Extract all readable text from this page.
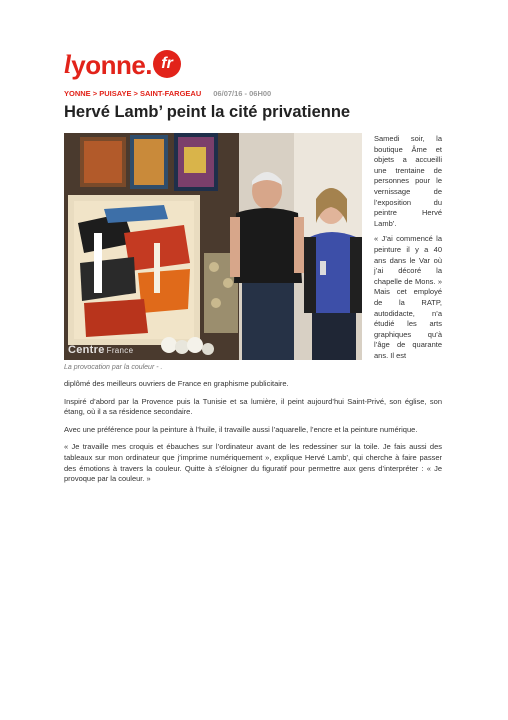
l yonne. fr
YONNE > PUISAYE > SAINT-FARGEAU 06/07/16 - 06H00
Hervé Lamb’ peint la cité privatienne
Centre France
La provocation par la couleur - .

Samedi soir, la boutique Âme et objets a accueilli une trentaine de personnes pour le vernissage de l’exposition du peintre Hervé Lamb’.

« J’ai commencé la peinture il y a 40 ans dans le Var où j’ai décoré la chapelle de Mons. » Mais cet employé de la RATP, autodidacte, n’a étudié les arts graphiques qu’à l’âge de quarante ans. Il est

diplômé des meilleurs ouvriers de France en graphisme publicitaire.

Inspiré d’abord par la Provence puis la Tunisie et sa lumière, il peint aujourd’hui Saint-Privé, son église, son étang, où il a sa résidence secondaire.

Avec une préférence pour la peinture à l’huile, il travaille aussi l’aquarelle, l’encre et la peinture numérique.

« Je travaille mes croquis et ébauches sur l’ordinateur avant de les redessiner sur la toile. Je fais aussi des tableaux sur mon ordinateur que j’imprime numériquement », explique Hervé Lamb’, qui cherche à faire passer des émotions à travers la couleur. Quitte à s’éloigner du figuratif pour permettre aux gens d’interpréter : « Je provoque par la couleur. »
